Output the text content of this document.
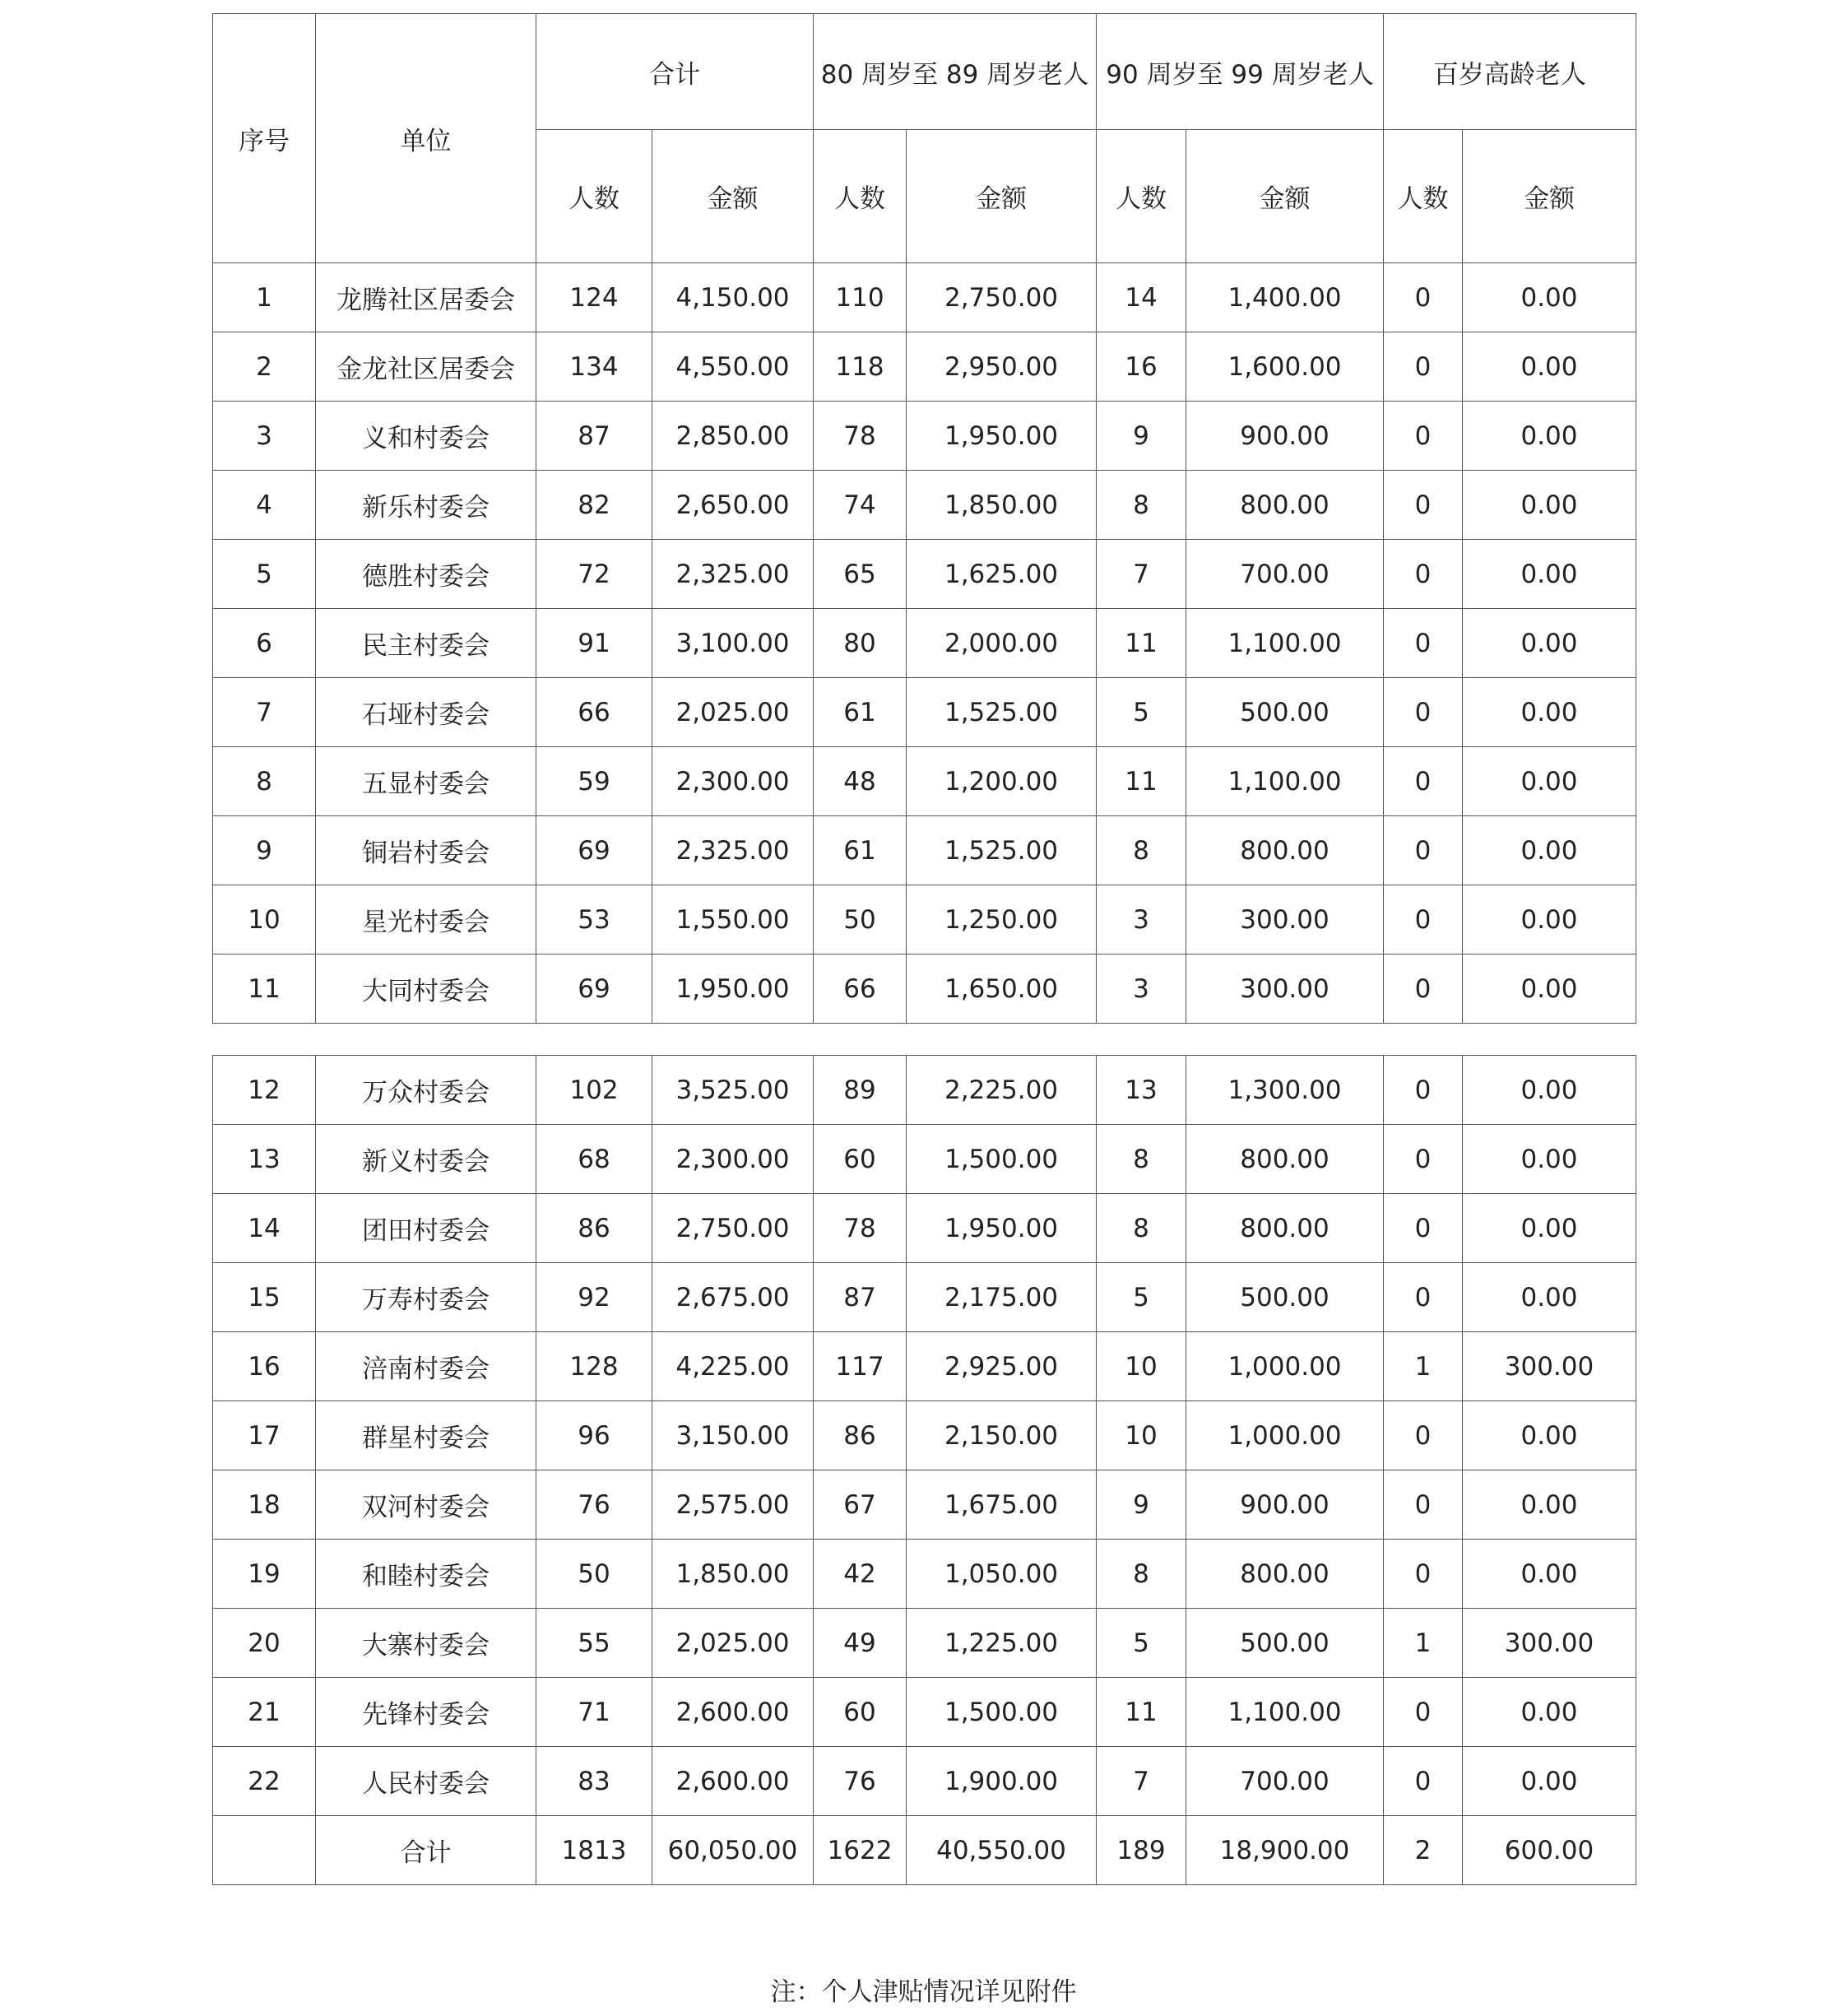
序号	单位	合计		80 周岁至 89 周岁老人		90 周岁至 99 周岁老人		百岁高龄老人	
		人数	金额	人数	金额	人数	金额	人数	金额
1	龙腾社区居委会	124	4,150.00	110	2,750.00	14	1,400.00	0	0.00
2	金龙社区居委会	134	4,550.00	118	2,950.00	16	1,600.00	0	0.00
3	义和村委会	87	2,850.00	78	1,950.00	9	900.00	0	0.00
4	新乐村委会	82	2,650.00	74	1,850.00	8	800.00	0	0.00
5	德胜村委会	72	2,325.00	65	1,625.00	7	700.00	0	0.00
6	民主村委会	91	3,100.00	80	2,000.00	11	1,100.00	0	0.00
7	石垭村委会	66	2,025.00	61	1,525.00	5	500.00	0	0.00
8	五显村委会	59	2,300.00	48	1,200.00	11	1,100.00	0	0.00
9	铜岩村委会	69	2,325.00	61	1,525.00	8	800.00	0	0.00
10	星光村委会	53	1,550.00	50	1,250.00	3	300.00	0	0.00
11	大同村委会	69	1,950.00	66	1,650.00	3	300.00	0	0.00
12	万众村委会	102	3,525.00	89	2,225.00	13	1,300.00	0	0.00
13	新义村委会	68	2,300.00	60	1,500.00	8	800.00	0	0.00
14	团田村委会	86	2,750.00	78	1,950.00	8	800.00	0	0.00
15	万寿村委会	92	2,675.00	87	2,175.00	5	500.00	0	0.00
16	涪南村委会	128	4,225.00	117	2,925.00	10	1,000.00	1	300.00
17	群星村委会	96	3,150.00	86	2,150.00	10	1,000.00	0	0.00
18	双河村委会	76	2,575.00	67	1,675.00	9	900.00	0	0.00
19	和睦村委会	50	1,850.00	42	1,050.00	8	800.00	0	0.00
20	大寨村委会	55	2,025.00	49	1,225.00	5	500.00	1	300.00
21	先锋村委会	71	2,600.00	60	1,500.00	11	1,100.00	0	0.00
22	人民村委会	83	2,600.00	76	1,900.00	7	700.00	0	0.00
	合计	1813	60,050.00	1622	40,550.00	189	18,900.00	2	600.00
注：个人津贴情况详见附件
